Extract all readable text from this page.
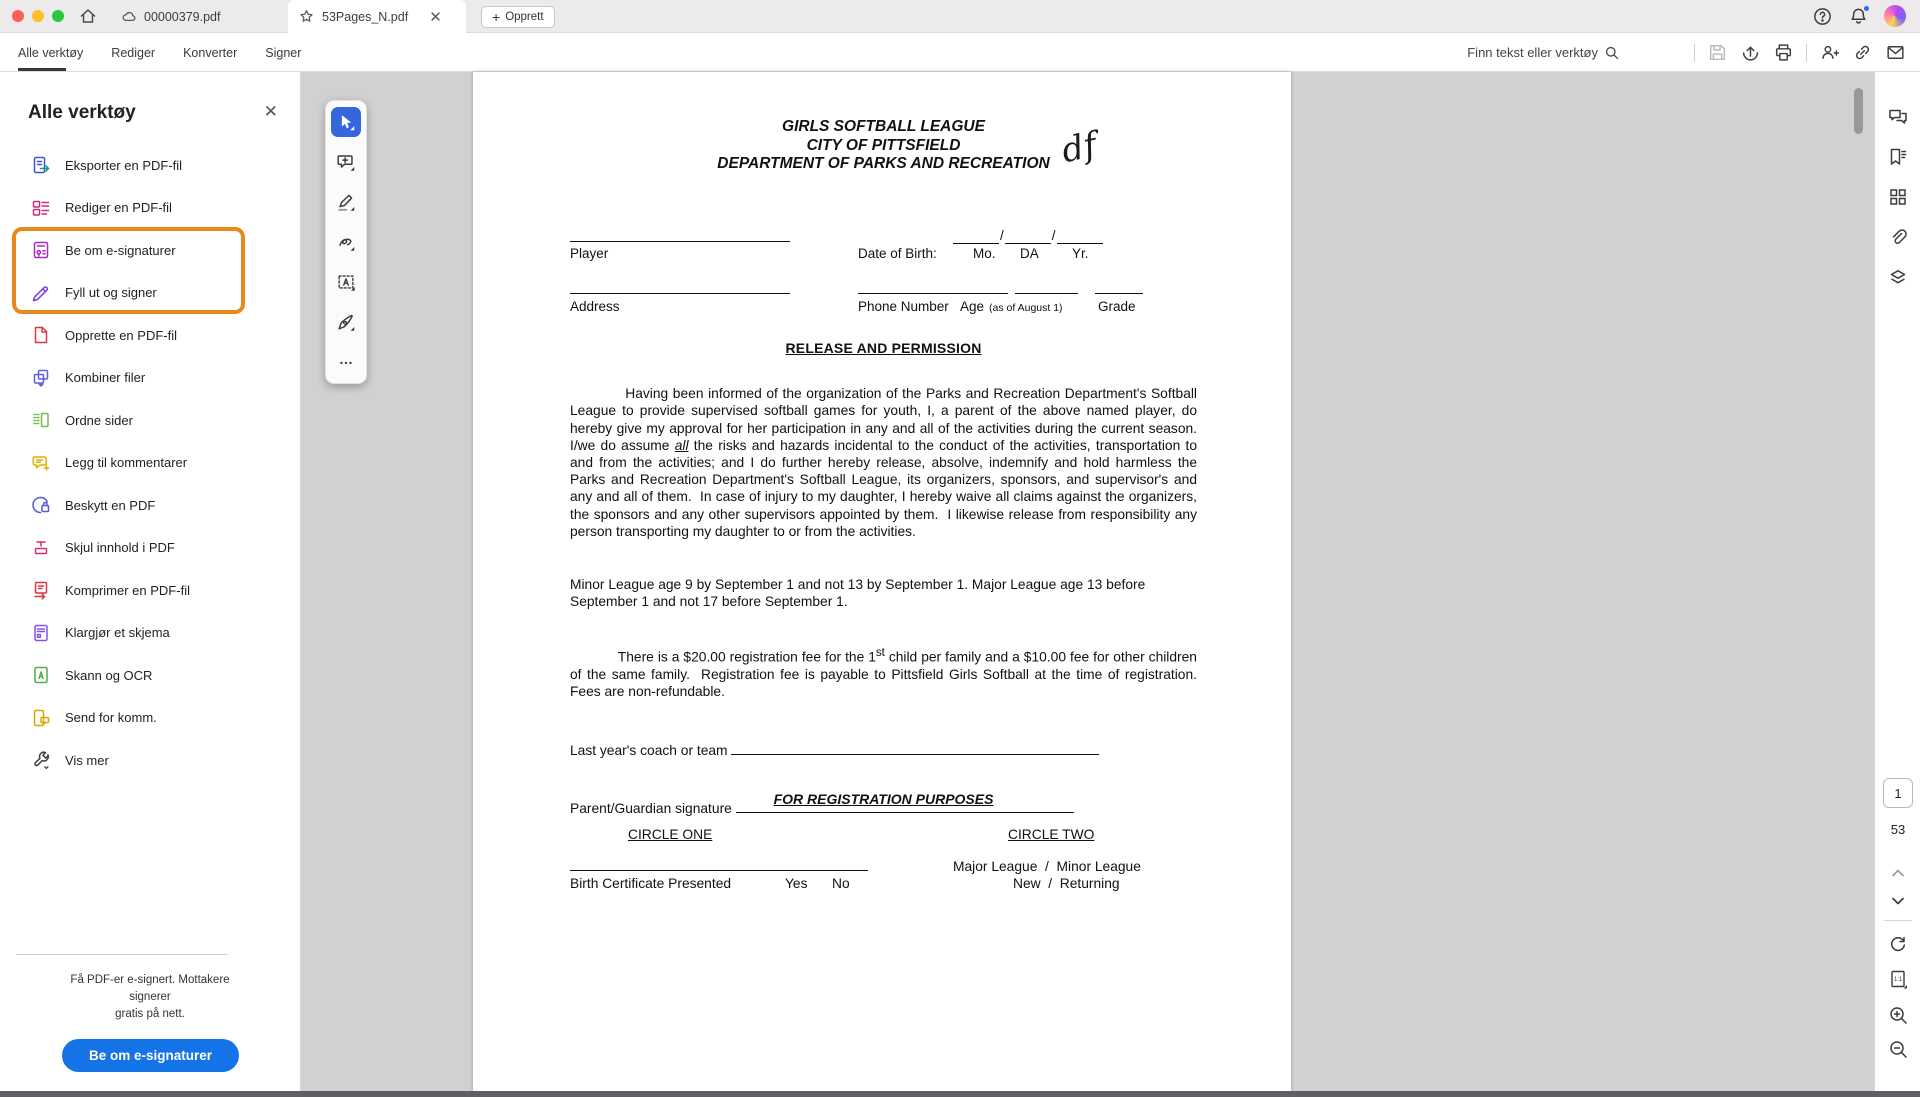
00000379.pdf	53Pages_N.pdf ✕	+ Opprett
Alle verktøy Rediger Konverter Signer	Finn tekst eller verktøy
Alle verktøy	✕
Eksporter en PDF-fil
Rediger en PDF-fil
Be om e-signaturer
Fyll ut og signer
Opprette en PDF-fil
Kombiner filer
Ordne sider
Legg til kommentarer
Beskytt en PDF
Skjul innhold i PDF
Komprimer en PDF-fil
Klargjør et skjema
Skann og OCR
Send for komm.
Vis mer
Få PDF-er e-signert. Mottakere
signerer
gratis på nett.
Be om e-signaturer
GIRLS SOFTBALL LEAGUE
CITY OF PITTSFIELD
DEPARTMENT OF PARKS AND RECREATION df
Player	Date of Birth:
/	/
Mo. DA Yr.
Address	Phone Number Age (as of August 1)	Grade
RELEASE AND PERMISSION

Having been informed of the organization of the Parks and Recreation Department's Softball League to provide supervised softball games for youth, I, a parent of the above named player, do hereby give my approval for her participation in any and all of the activities during the current season.  I/we do assume all the risks and hazards incidental to the conduct of the activities, transportation to and from the activities; and I do further hereby release, absolve, indemnify and hold harmless the Parks and Recreation Department's Softball League, its organizers, sponsors, and supervisor's and any and all of them.  In case of injury to my daughter, I hereby waive all claims against the organizers, the sponsors and any other supervisors appointed by them.  I likewise release from responsibility any person transporting my daughter to or from the activities.

Minor League age 9 by September 1 and not 13 by September 1. Major League age 13 before September 1 and not 17 before September 1.

There is a $20.00 registration fee for the 1st child per family and a $10.00 fee for other children of the same family.  Registration fee is payable to Pittsfield Girls Softball at the time of registration.  Fees are non-refundable.

Last year's coach or team
Parent/Guardian signature
FOR REGISTRATION PURPOSES
CIRCLE ONE	CIRCLE TWO
Birth Certificate Presented	Yes No
Major League  /  Minor League
New  /  Returning
1
53
1:1
